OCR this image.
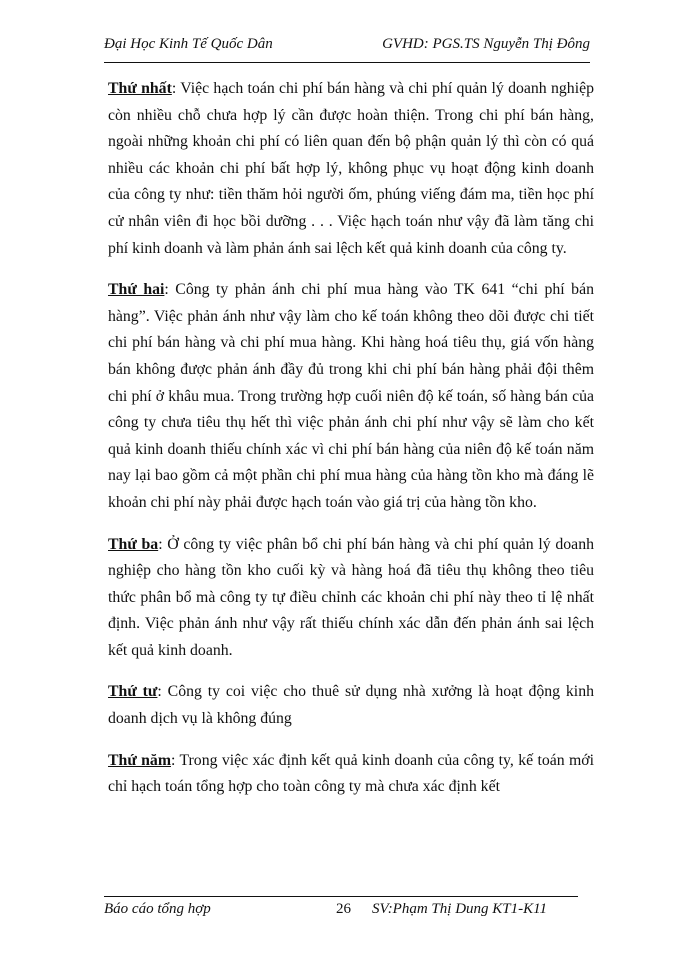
Đại Học Kinh Tế Quốc Dân	GVHD: PGS.TS Nguyễn Thị Đông

Thứ nhất: Việc hạch toán chi phí bán hàng và chi phí quản lý doanh nghiệp còn nhiều chỗ chưa hợp lý cần được hoàn thiện. Trong chi phí bán hàng, ngoài những khoản chi phí có liên quan đến bộ phận quản lý thì còn có quá nhiều các khoản chi phí bất hợp lý, không phục vụ hoạt động kinh doanh của công ty như: tiền thăm hỏi người ốm, phúng viếng đám ma, tiền học phí cử nhân viên đi học bồi dưỡng . . . Việc hạch toán như vậy đã làm tăng chi phí kinh doanh và làm phản ánh sai lệch kết quả kinh doanh của công ty.

Thứ hai: Công ty phản ánh chi phí mua hàng vào TK 641 “chi phí bán hàng”. Việc phản ánh như vậy làm cho kế toán không theo dõi được chi tiết chi phí bán hàng và chi phí mua hàng. Khi hàng hoá tiêu thụ, giá vốn hàng bán không được phản ánh đầy đủ trong khi chi phí bán hàng phải đội thêm chi phí ở khâu mua. Trong trường hợp cuối niên độ kế toán, số hàng bán của công ty chưa tiêu thụ hết thì việc phản ánh chi phí như vậy sẽ làm cho kết quả kinh doanh thiếu chính xác vì chi phí bán hàng của niên độ kế toán năm nay lại bao gồm cả một phần chi phí mua hàng của hàng tồn kho mà đáng lẽ khoản chi phí này phải được hạch toán vào giá trị của hàng tồn kho.

Thứ ba: Ở công ty việc phân bổ chi phí bán hàng và chi phí quản lý doanh nghiệp cho hàng tồn kho cuối kỳ và hàng hoá đã tiêu thụ không theo tiêu thức phân bổ mà công ty tự điều chỉnh các khoản chi phí này theo tỉ lệ nhất định. Việc phản ánh như vậy rất thiếu chính xác dẫn đến phản ánh sai lệch kết quả kinh doanh.

Thứ tư: Công ty coi việc cho thuê sử dụng nhà xưởng là hoạt động kinh doanh dịch vụ là không đúng

Thứ năm: Trong việc xác định kết quả kinh doanh của công ty, kế toán mới chỉ hạch toán tổng hợp cho toàn công ty mà chưa xác định kết

Báo cáo tổng hợp	26	SV:Phạm Thị Dung KT1-K11
